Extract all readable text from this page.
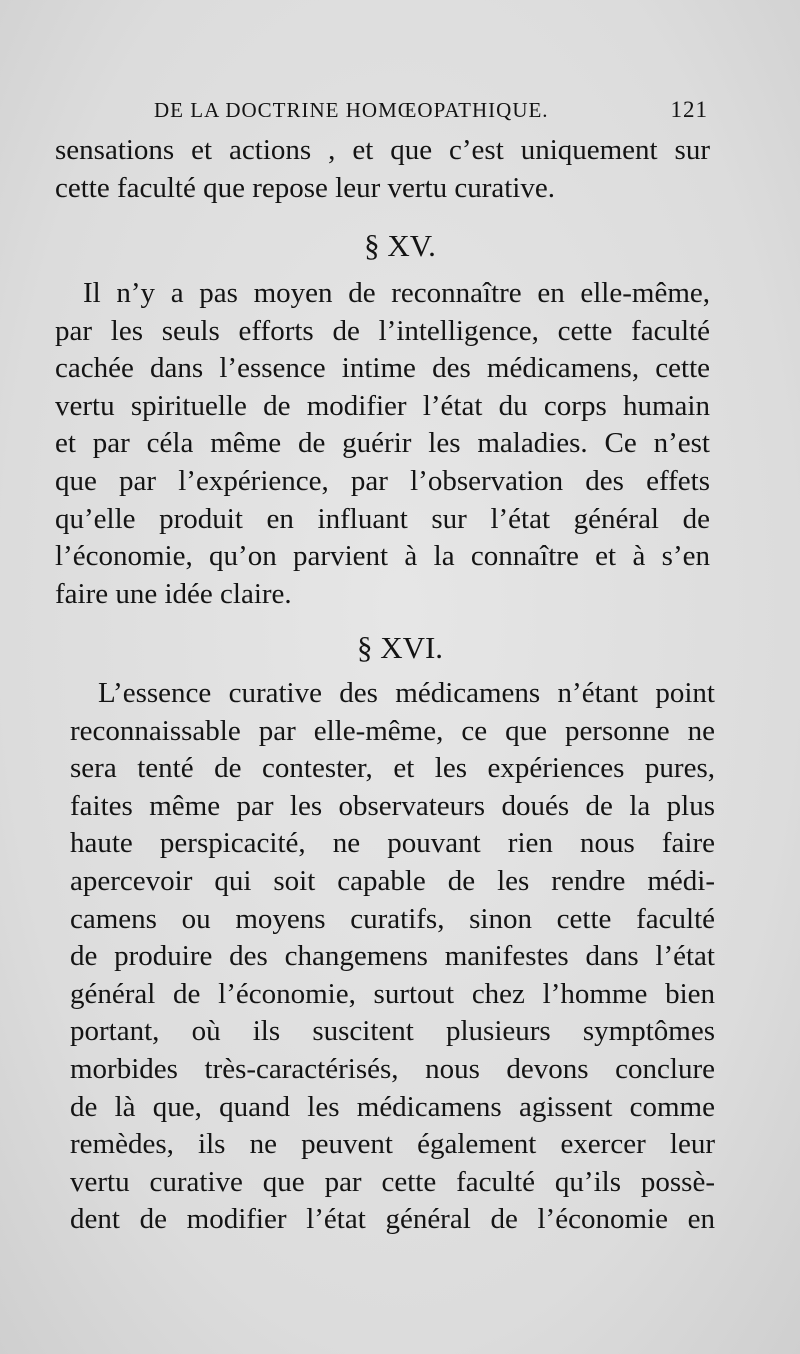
DE LA DOCTRINE HOMŒOPATHIQUE.	121
sensations et actions , et que c’est uniquement sur
cette faculté que repose leur vertu curative.
§ XV.
Il n’y a pas moyen de reconnaître en elle-même,
par les seuls efforts de l’intelligence, cette faculté
cachée dans l’essence intime des médicamens, cette
vertu spirituelle de modifier l’état du corps humain
et par céla même de guérir les maladies. Ce n’est
que par l’expérience, par l’observation des effets
qu’elle produit en influant sur l’état général de
l’économie, qu’on parvient à la connaître et à s’en
faire une idée claire.
§ XVI.
L’essence curative des médicamens n’étant point
reconnaissable par elle-même, ce que personne ne
sera tenté de contester, et les expériences pures,
faites même par les observateurs doués de la plus
haute perspicacité, ne pouvant rien nous faire
apercevoir qui soit capable de les rendre médi-
camens ou moyens curatifs, sinon cette faculté
de produire des changemens manifestes dans l’état
général de l’économie, surtout chez l’homme bien
portant, où ils suscitent plusieurs symptômes
morbides très-caractérisés, nous devons conclure
de là que, quand les médicamens agissent comme
remèdes, ils ne peuvent également exercer leur
vertu curative que par cette faculté qu’ils possè-
dent de modifier l’état général de l’économie en
